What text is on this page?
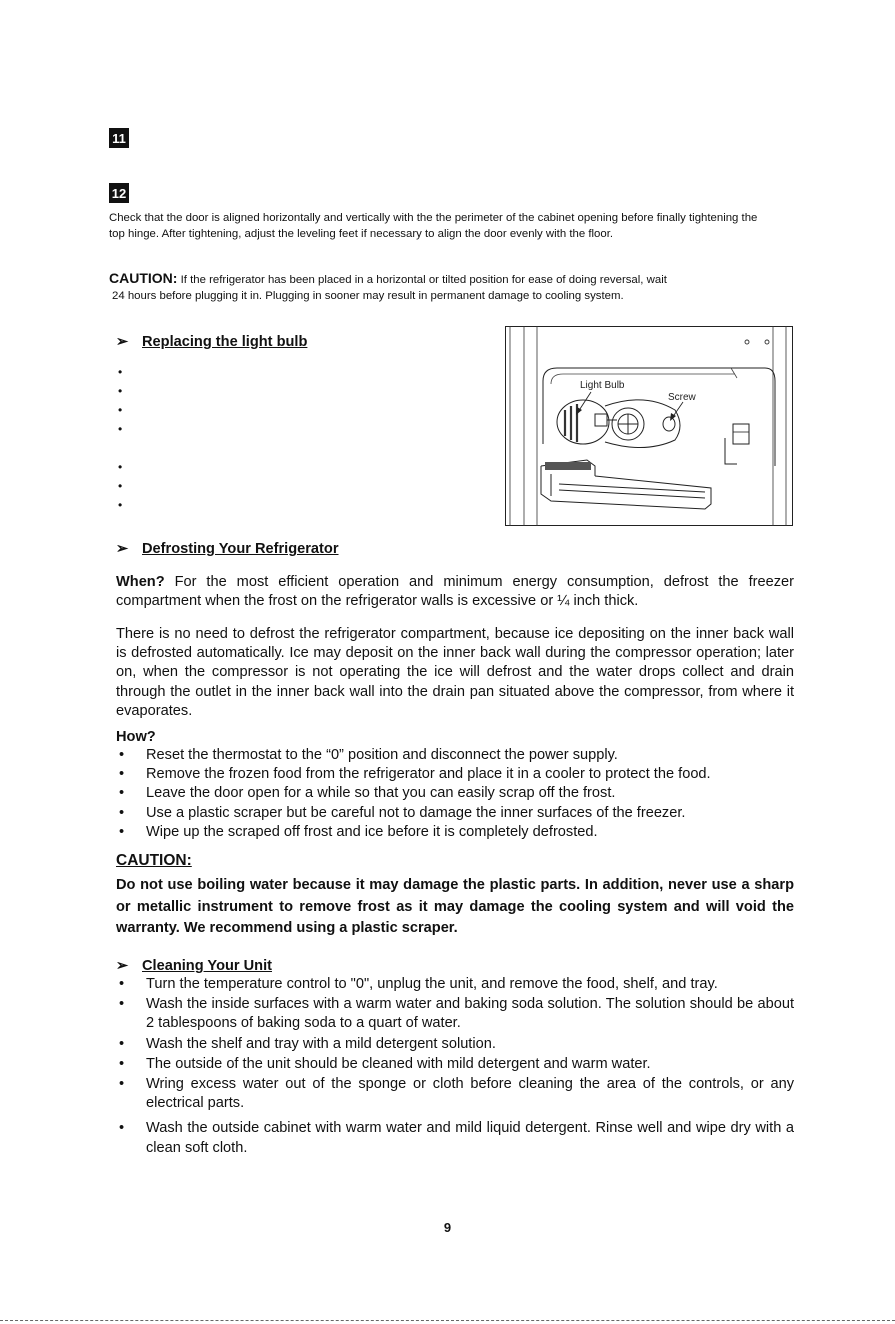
11
12
Check that the door is aligned horizontally and vertically with the the perimeter of the cabinet opening before finally tightening the top hinge. After tightening, adjust the leveling feet if necessary to align the door evenly with the floor.
CAUTION: If the refrigerator has been placed in a horizontal or tilted position for ease of doing reversal, wait
24 hours before plugging it in. Plugging in sooner may result in permanent damage to cooling system.
➢ Replacing the light bulb
•
•
•
•
•
•
•
Light Bulb
Screw
➢ Defrosting Your Refrigerator
When? For the most efficient operation and minimum energy consumption, defrost the freezer compartment when the frost on the refrigerator walls is excessive or ¼ inch thick.
There is no need to defrost the refrigerator compartment, because ice depositing on the inner back wall is defrosted automatically. Ice may deposit on the inner back wall during the compressor operation; later on, when the compressor is not operating the ice will defrost and the water drops collect and drain through the outlet in the inner back wall into the drain pan situated above the compressor, from where it evaporates.
How?
• Reset the thermostat to the “0” position and disconnect the power supply.
• Remove the frozen food from the refrigerator and place it in a cooler to protect the food.
• Leave the door open for a while so that you can easily scrap off the frost.
• Use a plastic scraper but be careful not to damage the inner surfaces of the freezer.
• Wipe up the scraped off frost and ice before it is completely defrosted.
CAUTION:
Do not use boiling water because it may damage the plastic parts. In addition, never use a sharp or metallic instrument to remove frost as it may damage the cooling system and will void the warranty. We recommend using a plastic scraper.
➢ Cleaning Your Unit
• Turn the temperature control to "0", unplug the unit, and remove the food, shelf, and tray.
• Wash the inside surfaces with a warm water and baking soda solution. The solution should be about 2 tablespoons of baking soda to a quart of water.
• Wash the shelf and tray with a mild detergent solution.
• The outside of the unit should be cleaned with mild detergent and warm water.
• Wring excess water out of the sponge or cloth before cleaning the area of the controls, or any electrical parts.
• Wash the outside cabinet with warm water and mild liquid detergent. Rinse well and wipe dry with a clean soft cloth.
9
